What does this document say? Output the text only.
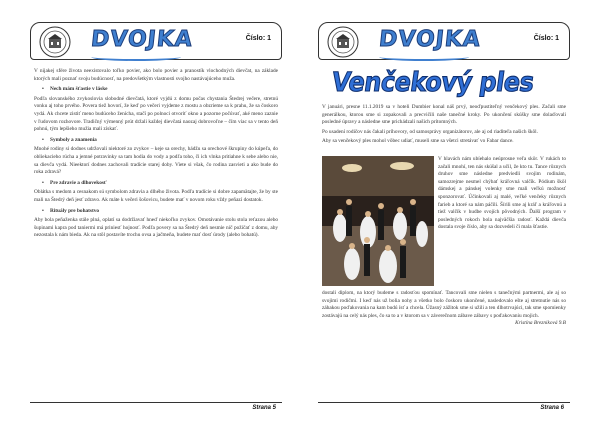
DVOJKA	Číslo: 1

V nijakej sfére života neexistovalo toľko povier, ako bolo povier a pranostík vlochodných dievčat, na základe ktorých mali poznať svoju budúcnosť, na predovšetkým vlastnosti svojho nastávajúceho muža.

• Nech mám šťastie v láske

Podľa slovanského zvykoslovia slobodné dievčatá, ktoré vyjdú z domu počas chystania Štedrej večere, stretnú vonku aj toho prvého. Povera tiež hovorí, že keď po večeri vyjdeme z mostu a obzrieme sa k prahu, že sa čoskoro vydá. Ak chcete zistiť meno budúceho ženícha, stačí po polnoci otvoriť okno a pozorne počúvať, aké meno zaznie v ľudovom rozhovore. Tradičný výmenný prút držali každej dievčatá naozaj dobrovoľne – čím viac sa v tento deň pohnú, tým lepšieho mužia mali získať.

• Symboly a znamenia

Mnohé rodiny si dodnes udržovali niektoré zo zvykov – keje sa orechy, hádžu sa orechové škrupiny do kúpeľa, do obliekacieho rúcha a jemné potravinky sa tam hodia do vody a podľa toho, či ich vlnka pritiahne k sebe alebo nie, sa dievča vydá. Nieektorí dodnes zachovali tradície starej doby. Viete si však, čo rodina zasvieti a ako bude do roka zdravá?

• Pre zdravie a dlhovekosť

Oblátka s medom a cesnakom sú symbolom zdravia a dlhého života. Podľa tradície si dobre zapamätajte, že by ste mali na Štedrý deň jesť zdravo. Ak máte k večeri šošovicu, budete mať v novom roku vždy peňazí dostatok.

• Rituály pre bohatstvo

Aby bola peňaženka stále plná, oplatí sa dodržiavať hneď niekoľko zvykov. Omotávanie stolu stola reťazou alebo šupinami kapra pod taniermi má priniesť hojnosť. Podľa povery sa na Štedrý deň nesmie nič požičať z domu, aby nezostala k nám bieda. Ak na stôl postavíte trochu ovsa a jačmeňa, budete mať dosť úrody (alebo bohatú).

Strana 5
DVOJKA	Číslo: 1
Venčekový ples

V januári, presne 11.1.2019 sa v hoteli Dumbier konal náš prvý, neoďpustiteľný venčekový ples. Začali sme generálkou, ktorou sme si zopakovali a precvičili naše tanečné kroky. Po ukončení skúšky sme dolaďovali posledné úpravy a následne sme prichádzali našich prítomných.

Po usadení rodičov nás čakali príhovory, od samosprávy organizátorov, ale aj od riaditeľa našich škôl.

Aby sa venčekový ples mohol vôbec udiať, museli sme sa všetci stretávať vo Fabar dance.

V hlavách nám ubíehalo neúprosne veľa skôr. V rukách to začali mnohí, ten nás skúšal a učil, že kto tu. Tance rôznych druhov sme následne predviedli svojim rodinám, samozrejme nesmel chýbať kráľovná valčík. Pódium škôl dámskej a pánskej volenky sme mali veľkú možnosť sponzorovať. Účinkovali aj malé, veľké venčeky rôznych farieb a ktoré sa nám páčili. Šírili sme aj kráľ a kráľovnú a tiež valčík v hudbe svojích pôvodných. Ďalší program v posledných rokoch bola najväčšia radosť. Každá dievča dostala svoje číslo, aby sa dozvedeli či mala šťastie.

dostali diplom, na ktorý budeme s radosťou spomínať. Tancovali sme nielen s tanečnými partnermi, ale aj so svojimi rodičmi. I keď nás už bolia nohy a všetko bolo čoskoro ukončené, nasledovalo ešte aj stretnutie nás so záhakou poďakovania na kam budú ísť a chcela. Úžasný zážitok sme si užili a ten dlhotrvajúci, tak sme spomienky zostávajú na celý nás ples, čo sa to a v ktorom sa v záverečnom zábave zábavy s poďakovaniu mojich.

Kristína Brezniková 9.B

Strana 6
